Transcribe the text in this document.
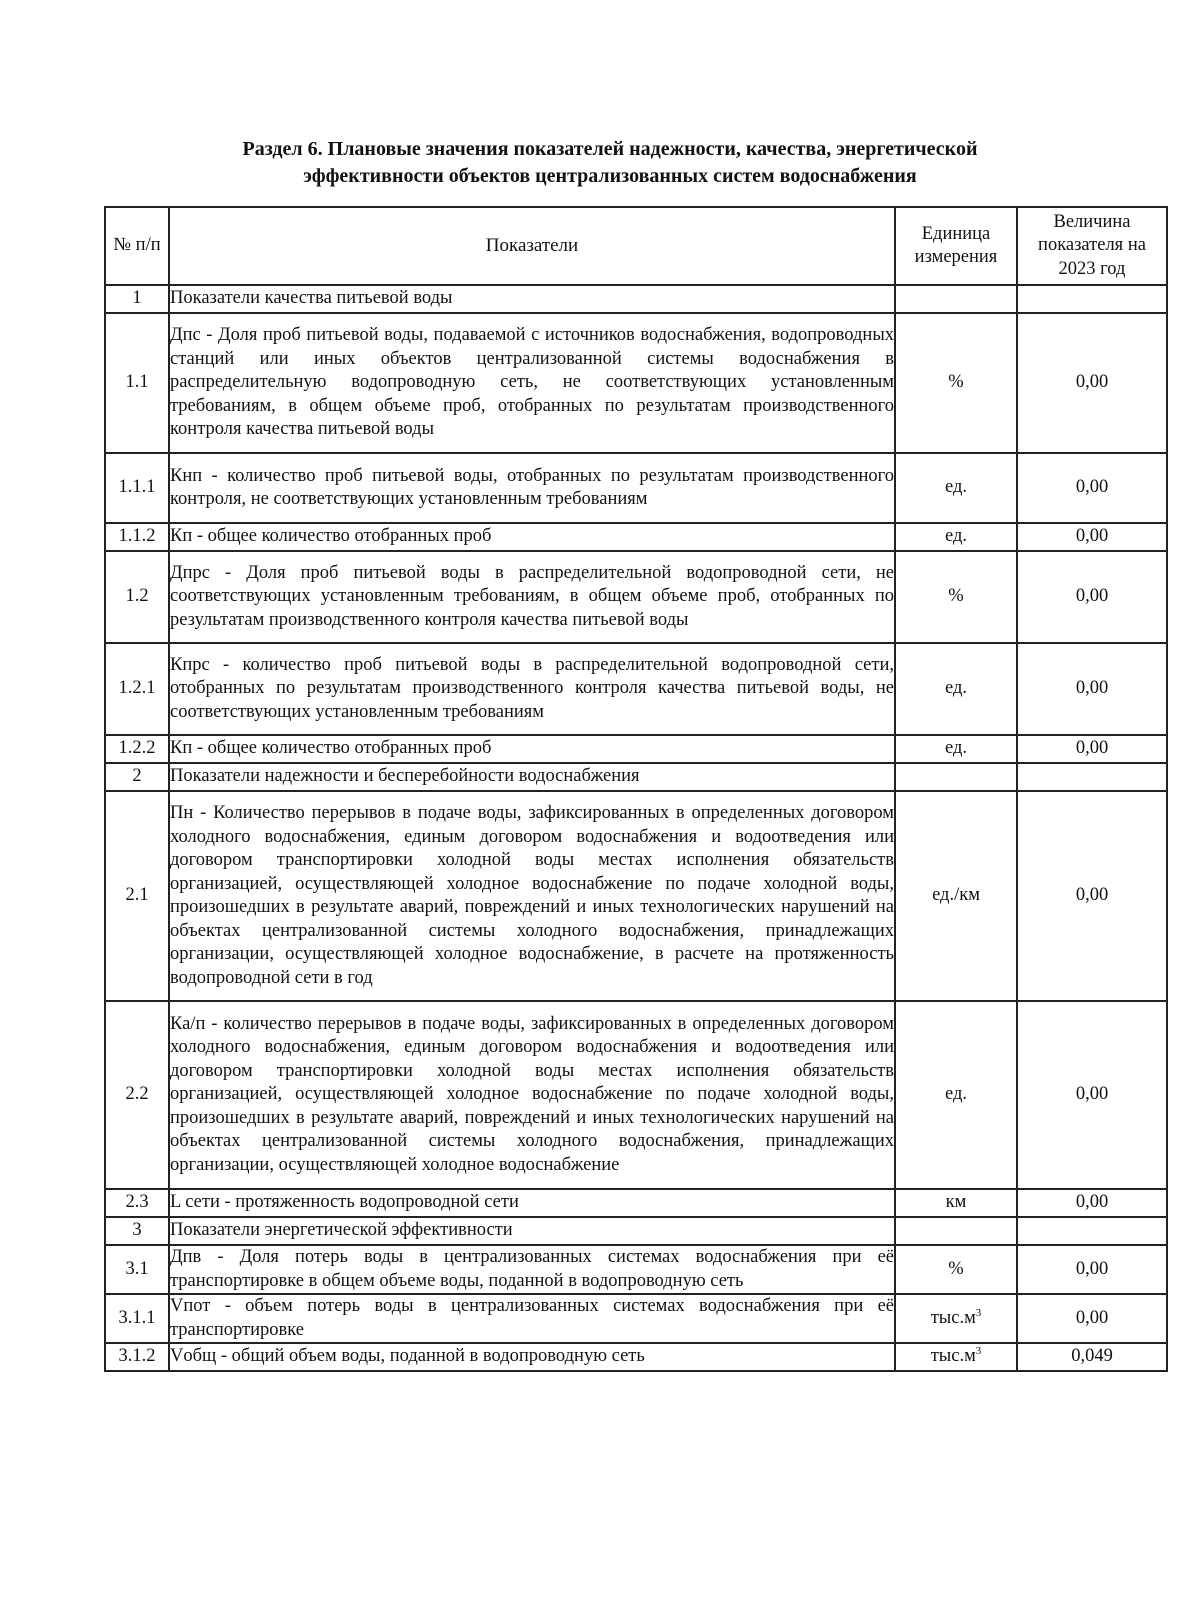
Раздел 6. Плановые значения показателей надежности, качества, энергетической
эффективности объектов централизованных систем водоснабжения
№ п/п	Показатели	Единица измерения	Величина показателя на 2023 год
1	Показатели качества питьевой воды		
1.1	Дпс - Доля проб питьевой воды, подаваемой с источников водоснабжения, водопроводных станций или иных объектов централизованной системы водоснабжения в распределительную водопроводную сеть, не соответствующих установленным требованиям, в общем объеме проб, отобранных по результатам производственного контроля качества питьевой воды	%	0,00
1.1.1	Кнп - количество проб питьевой воды, отобранных по результатам производственного контроля, не соответствующих установленным требованиям	ед.	0,00
1.1.2	Кп - общее количество отобранных проб	ед.	0,00
1.2	Дпрс - Доля проб питьевой воды в распределительной водопроводной сети, не соответствующих установленным требованиям, в общем объеме проб, отобранных по результатам производственного контроля качества питьевой воды	%	0,00
1.2.1	Кпрс - количество проб питьевой воды в распределительной водопроводной сети, отобранных по результатам производственного контроля качества питьевой воды, не соответствующих установленным требованиям	ед.	0,00
1.2.2	Кп - общее количество отобранных проб	ед.	0,00
2	Показатели надежности и бесперебойности водоснабжения		
2.1	Пн - Количество перерывов в подаче воды, зафиксированных в определенных договором холодного водоснабжения, единым договором водоснабжения и водоотведения или договором транспортировки холодной воды местах исполнения обязательств организацией, осуществляющей холодное водоснабжение по подаче холодной воды, произошедших в результате аварий, повреждений и иных технологических нарушений на объектах централизованной системы холодного водоснабжения, принадлежащих организации, осуществляющей холодное водоснабжение, в расчете на протяженность водопроводной сети в год	ед./км	0,00
2.2	Ка/п - количество перерывов в подаче воды, зафиксированных в определенных договором холодного водоснабжения, единым договором водоснабжения и водоотведения или договором транспортировки холодной воды местах исполнения обязательств организацией, осуществляющей холодное водоснабжение по подаче холодной воды, произошедших в результате аварий, повреждений и иных технологических нарушений на объектах централизованной системы холодного водоснабжения, принадлежащих организации, осуществляющей холодное водоснабжение	ед.	0,00
2.3	L сети - протяженность водопроводной сети	км	0,00
3	Показатели энергетической эффективности		
3.1	Дпв - Доля потерь воды в централизованных системах водоснабжения при её транспортировке в общем объеме воды, поданной в водопроводную сеть	%	0,00
3.1.1	Vпот - объем потерь воды в централизованных системах водоснабжения при её транспортировке	$тыс.м^3$	0,00
3.1.2	Vобщ - общий объем воды, поданной в водопроводную сеть	$тыс.м^3$	0,049
